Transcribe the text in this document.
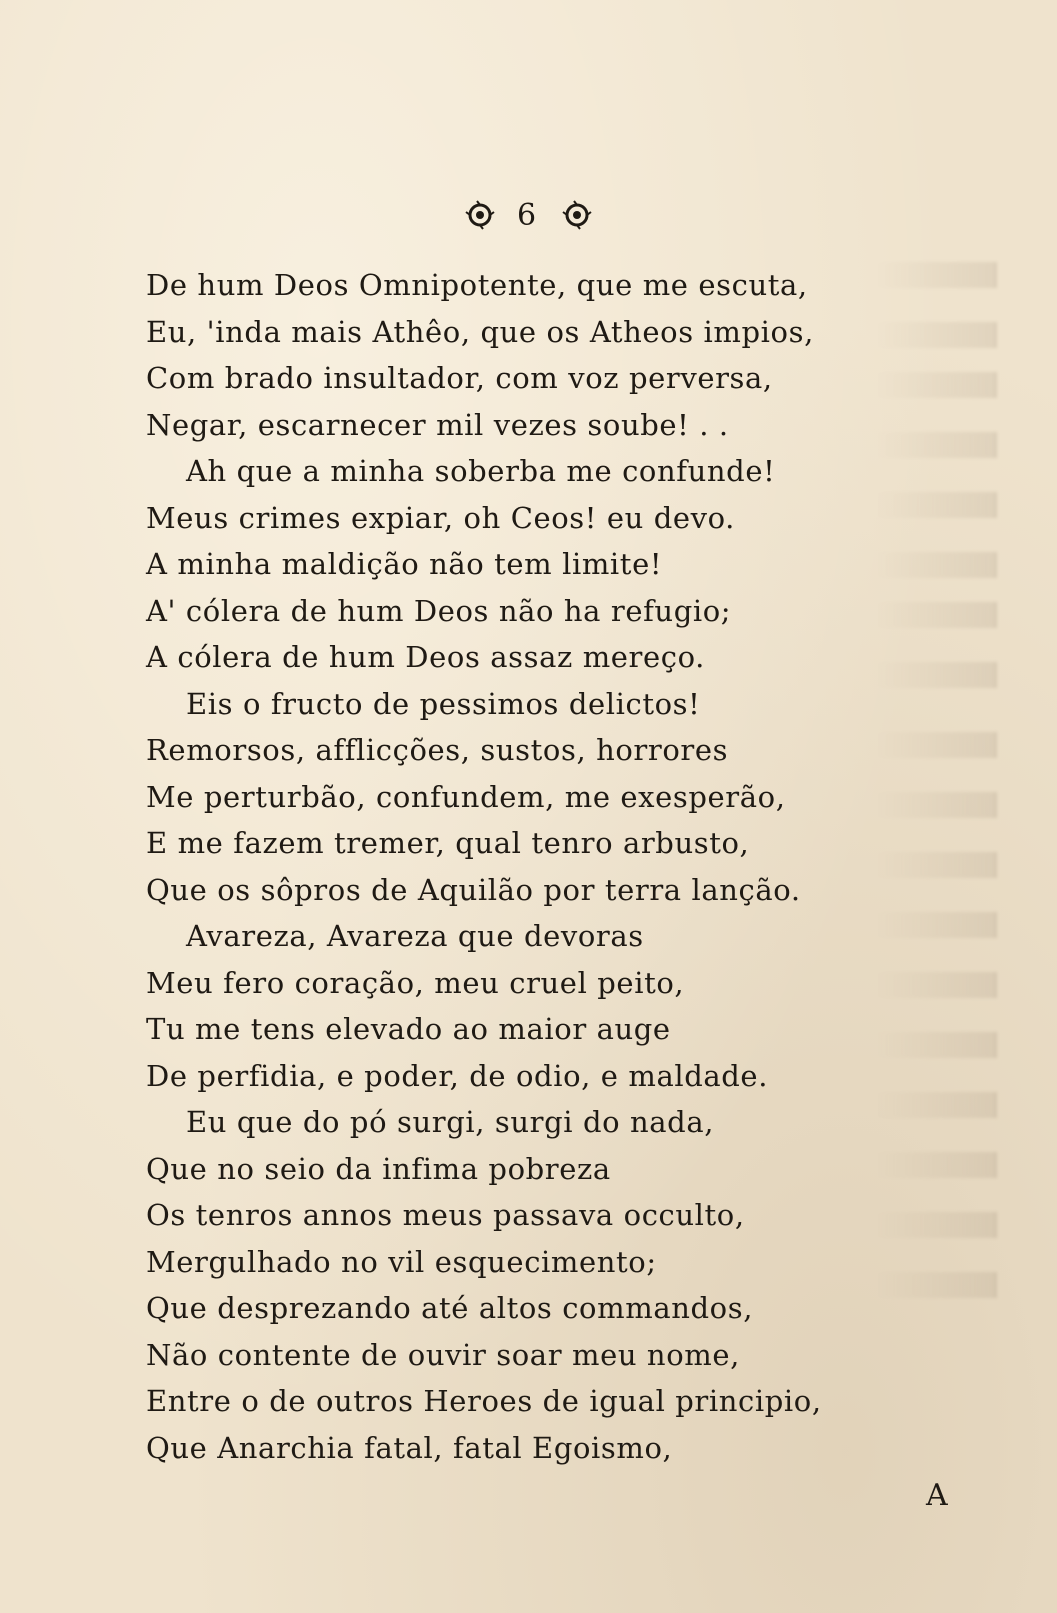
6
De hum Deos Omnipotente, que me escuta,
Eu, 'inda mais Athêo, que os Atheos impios,
Com brado insultador, com voz perversa,
Negar, escarnecer mil vezes soube! . .
Ah que a minha soberba me confunde!
Meus crimes expiar, oh Ceos! eu devo.
A minha maldição não tem limite!
A' cólera de hum Deos não ha refugio;
A cólera de hum Deos assaz mereço.
Eis o fructo de pessimos delictos!
Remorsos, afflicções, sustos, horrores
Me perturbão, confundem, me exesperão,
E me fazem tremer, qual tenro arbusto,
Que os sôpros de Aquilão por terra lanção.
Avareza, Avareza que devoras
Meu fero coração, meu cruel peito,
Tu me tens elevado ao maior auge
De perfidia, e poder, de odio, e maldade.
Eu que do pó surgi, surgi do nada,
Que no seio da infima pobreza
Os tenros annos meus passava occulto,
Mergulhado no vil esquecimento;
Que desprezando até altos commandos,
Não contente de ouvir soar meu nome,
Entre o de outros Heroes de igual principio,
Que Anarchia fatal, fatal Egoismo,
A
